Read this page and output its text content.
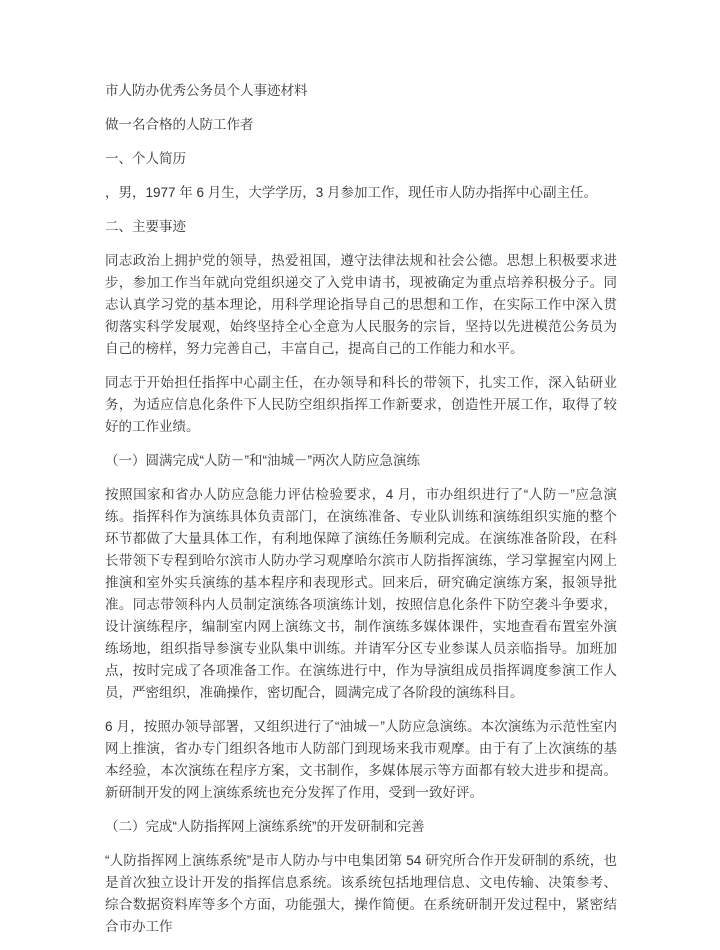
市人防办优秀公务员个人事迹材料

做一名合格的人防工作者

一、个人简历

，男，1977 年 6 月生，大学学历，3 月参加工作，现任市人防办指挥中心副主任。

二、主要事迹

同志政治上拥护党的领导，热爱祖国，遵守法律法规和社会公德。思想上积极要求进步，参加工作当年就向党组织递交了入党申请书，现被确定为重点培养积极分子。同志认真学习党的基本理论，用科学理论指导自己的思想和工作，在实际工作中深入贯彻落实科学发展观，始终坚持全心全意为人民服务的宗旨，坚持以先进模范公务员为自己的榜样，努力完善自己，丰富自己，提高自己的工作能力和水平。

同志于开始担任指挥中心副主任，在办领导和科长的带领下，扎实工作，深入钻研业务，为适应信息化条件下人民防空组织指挥工作新要求，创造性开展工作，取得了较好的工作业绩。

（一）圆满完成“人防－”和“油城－”两次人防应急演练

按照国家和省办人防应急能力评估检验要求，4 月，市办组织进行了“人防－”应急演练。指挥科作为演练具体负责部门，在演练准备、专业队训练和演练组织实施的整个环节都做了大量具体工作，有利地保障了演练任务顺利完成。在演练准备阶段，在科长带领下专程到哈尔滨市人防办学习观摩哈尔滨市人防指挥演练，学习掌握室内网上推演和室外实兵演练的基本程序和表现形式。回来后，研究确定演练方案，报领导批准。同志带领科内人员制定演练各项演练计划，按照信息化条件下防空袭斗争要求，设计演练程序，编制室内网上演练文书，制作演练多媒体课件，实地查看布置室外演练场地，组织指导参演专业队集中训练。并请军分区专业参谋人员亲临指导。加班加点，按时完成了各项准备工作。在演练进行中，作为导演组成员指挥调度参演工作人员，严密组织，准确操作，密切配合，圆满完成了各阶段的演练科目。

6 月，按照办领导部署，又组织进行了“油城－”人防应急演练。本次演练为示范性室内网上推演，省办专门组织各地市人防部门到现场来我市观摩。由于有了上次演练的基本经验，本次演练在程序方案，文书制作，多媒体展示等方面都有较大进步和提高。新研制开发的网上演练系统也充分发挥了作用，受到一致好评。

（二）完成“人防指挥网上演练系统”的开发研制和完善

“人防指挥网上演练系统”是市人防办与中电集团第 54 研究所合作开发研制的系统，也是首次独立设计开发的指挥信息系统。该系统包括地理信息、文电传输、决策参考、综合数据资料库等多个方面，功能强大，操作简便。在系统研制开发过程中，紧密结合市办工作
